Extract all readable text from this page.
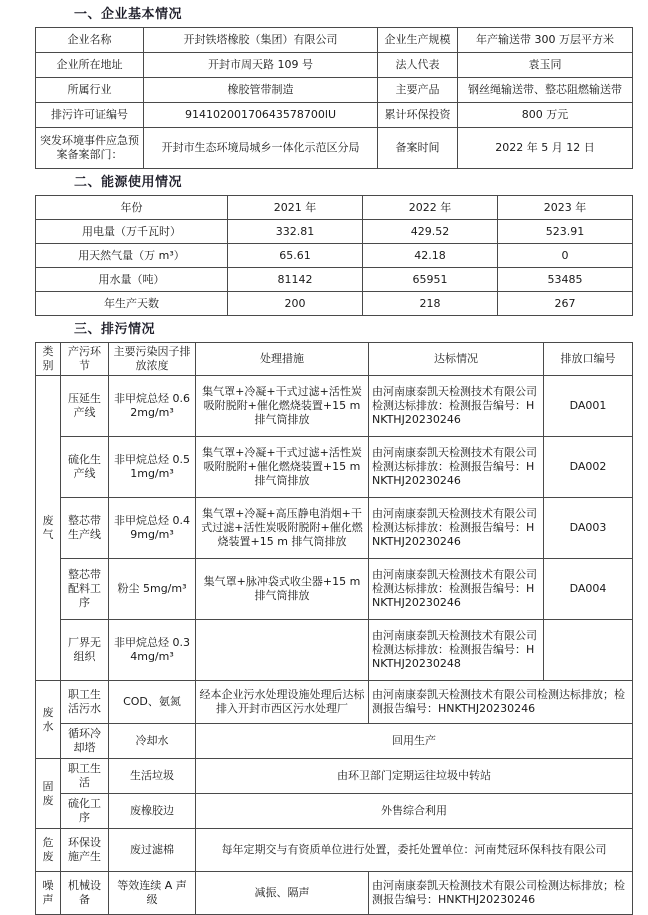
一、企业基本情况
企业名称	开封铁塔橡胶（集团）有限公司	企业生产规模	年产输送带 300 万层平方米
企业所在地址	开封市周天路 109 号	法人代表	袁玉同
所属行业	橡胶管带制造	主要产品	钢丝绳输送带、整芯阻燃输送带
排污许可证编号	91410200170643578700lU	累计环保投资	800 万元
突发环境事件应急预案备案部门：	开封市生态环境局城乡一体化示范区分局	备案时间	2022 年 5 月 12 日
二、能源使用情况
年份	2021 年	2022 年	2023 年
用电量（万千瓦时）	332.81	429.52	523.91
用天然气量（万 m³）	65.61	42.18	0
用水量（吨）	81142	65951	53485
年生产天数	200	218	267
三、排污情况
类别	产污环节	主要污染因子排放浓度	处理措施	达标情况	排放口编号
废气	压延生产线	非甲烷总烃 0.62mg/m³	集气罩+冷凝+干式过滤+活性炭吸附脱附+催化燃烧装置+15 m 排气筒排放	由河南康泰凯天检测技术有限公司检测达标排放：检测报告编号：HNKTHJ20230246	DA001
	硫化生产线	非甲烷总烃 0.51mg/m³	集气罩+冷凝+干式过滤+活性炭吸附脱附+催化燃烧装置+15 m 排气筒排放	由河南康泰凯天检测技术有限公司检测达标排放：检测报告编号：HNKTHJ20230246	DA002
	整芯带生产线	非甲烷总烃 0.49mg/m³	集气罩+冷凝+高压静电消烟+干式过滤+活性炭吸附脱附+催化燃烧装置+15 m 排气筒排放	由河南康泰凯天检测技术有限公司检测达标排放：检测报告编号：HNKTHJ20230246	DA003
	整芯带配料工序	粉尘 5mg/m³	集气罩+脉冲袋式收尘器+15 m 排气筒排放	由河南康泰凯天检测技术有限公司检测达标排放：检测报告编号：HNKTHJ20230246	DA004
	厂界无组织	非甲烷总烃 0.34mg/m³		由河南康泰凯天检测技术有限公司检测达标排放：检测报告编号：HNKTHJ20230248	
废水	职工生活污水	COD、氨氮	经本企业污水处理设施处理后达标排入开封市西区污水处理厂	由河南康泰凯天检测技术有限公司检测达标排放；检测报告编号：HNKTHJ20230246	
	循环冷却塔	冷却水	回用生产		
固废	职工生活	生活垃圾	由环卫部门定期运往垃圾中转站		
	硫化工序	废橡胶边	外售综合利用		
危废	环保设施产生	废过滤棉	每年定期交与有资质单位进行处置，委托处置单位：河南梵冠环保科技有限公司		
噪声	机械设备	等效连续 A 声级	减振、隔声	由河南康泰凯天检测技术有限公司检测达标排放；检测报告编号：HNKTHJ20230246	
